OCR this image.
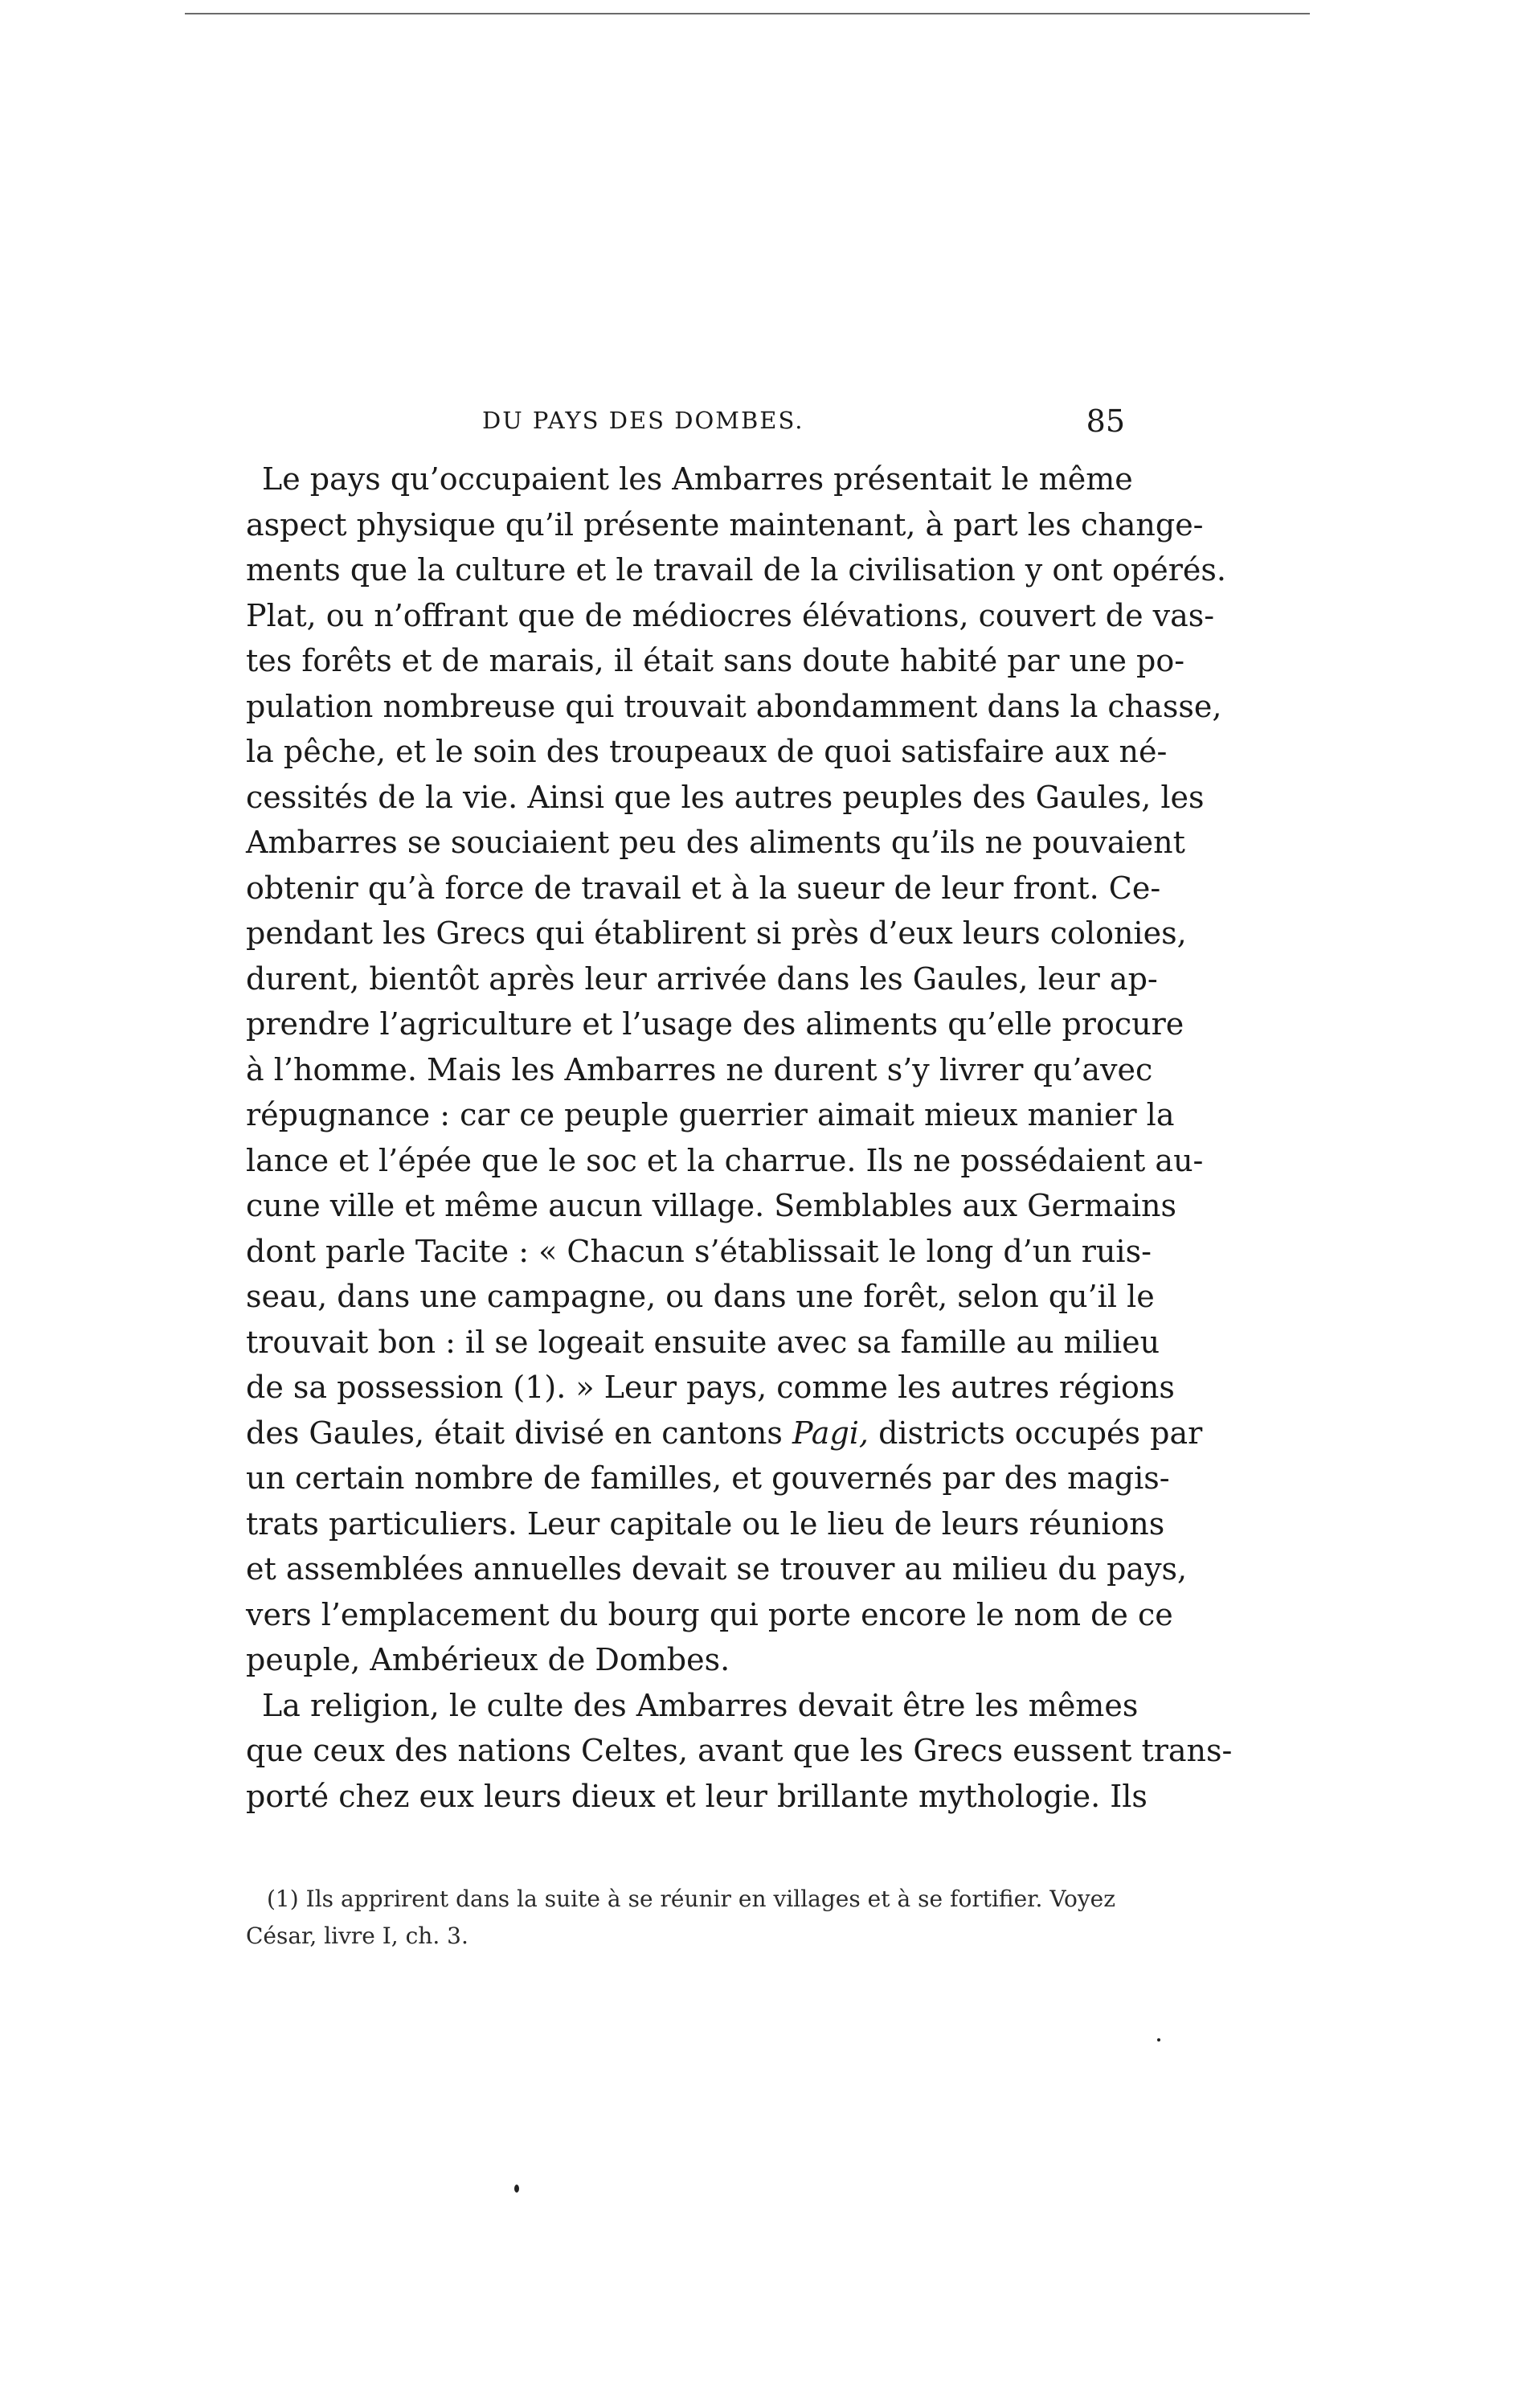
DU PAYS DES DOMBES.	85
Le pays qu’occupaient les Ambarres présentait le même
aspect physique qu’il présente maintenant, à part les change-
ments que la culture et le travail de la civilisation y ont opérés.
Plat, ou n’offrant que de médiocres élévations, couvert de vas-
tes forêts et de marais, il était sans doute habité par une po-
pulation nombreuse qui trouvait abondamment dans la chasse,
la pêche, et le soin des troupeaux de quoi satisfaire aux né-
cessités de la vie. Ainsi que les autres peuples des Gaules, les
Ambarres se souciaient peu des aliments qu’ils ne pouvaient
obtenir qu’à force de travail et à la sueur de leur front. Ce-
pendant les Grecs qui établirent si près d’eux leurs colonies,
durent, bientôt après leur arrivée dans les Gaules, leur ap-
prendre l’agriculture et l’usage des aliments qu’elle procure
à l’homme. Mais les Ambarres ne durent s’y livrer qu’avec
répugnance : car ce peuple guerrier aimait mieux manier la
lance et l’épée que le soc et la charrue. Ils ne possédaient au-
cune ville et même aucun village. Semblables aux Germains
dont parle Tacite : « Chacun s’établissait le long d’un ruis-
seau, dans une campagne, ou dans une forêt, selon qu’il le
trouvait bon : il se logeait ensuite avec sa famille au milieu
de sa possession (1). » Leur pays, comme les autres régions
des Gaules, était divisé en cantons Pagi, districts occupés par
un certain nombre de familles, et gouvernés par des magis-
trats particuliers. Leur capitale ou le lieu de leurs réunions
et assemblées annuelles devait se trouver au milieu du pays,
vers l’emplacement du bourg qui porte encore le nom de ce
peuple, Ambérieux de Dombes.
La religion, le culte des Ambarres devait être les mêmes
que ceux des nations Celtes, avant que les Grecs eussent trans-
porté chez eux leurs dieux et leur brillante mythologie. Ils
(1) Ils apprirent dans la suite à se réunir en villages et à se fortifier. Voyez
César, livre I, ch. 3.
